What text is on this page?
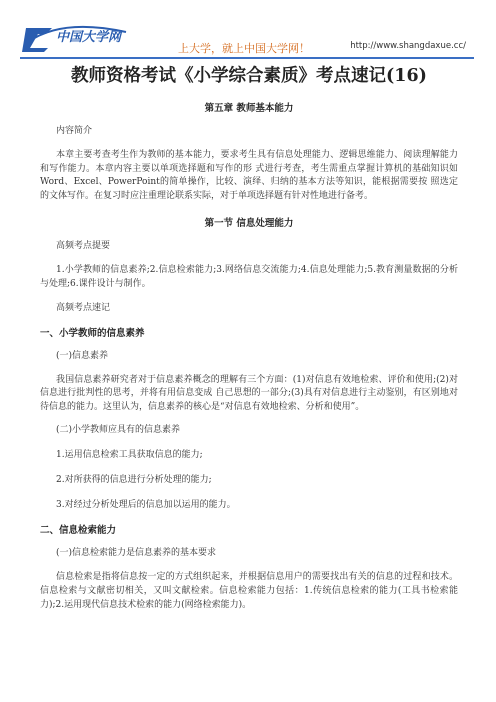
中国大学网
上大学，就上中国大学网！	http://www.shangdaxue.cc/
教师资格考试《小学综合素质》考点速记(16)
第五章 教师基本能力
内容简介

本章主要考查考生作为教师的基本能力，要求考生具有信息处理能力、逻辑思维能力、阅读理解能力和写作能力。本章内容主要以单项选择题和写作的形 式进行考查，考生需重点掌握计算机的基础知识如Word、Excel、PowerPoint的简单操作，比较、演绎、归纳的基本方法等知识，能根据需要按 照选定的文体写作。在复习时应注重理论联系实际，对于单项选择题有针对性地进行备考。

第一节 信息处理能力
高频考点提要

1.小学教师的信息素养;2.信息检索能力;3.网络信息交流能力;4.信息处理能力;5.教育测量数据的分析与处理;6.课件设计与制作。

高频考点速记
一、小学教师的信息素养
(一)信息素养

我国信息素养研究者对于信息素养概念的理解有三个方面：(1)对信息有效地检索、评价和使用;(2)对信息进行批判性的思考，并将有用信息变成 自己思想的一部分;(3)具有对信息进行主动鉴别，有区别地对待信息的能力。这里认为，信息素养的核心是“对信息有效地检索、分析和使用”。

(二)小学教师应具有的信息素养
1.运用信息检索工具获取信息的能力;
2.对所获得的信息进行分析处理的能力;
3.对经过分析处理后的信息加以运用的能力。
二、信息检索能力
(一)信息检索能力是信息素养的基本要求

信息检索是指将信息按一定的方式组织起来，并根据信息用户的需要找出有关的信息的过程和技术。信息检索与文献密切相关，又叫文献检索。信息检索能力包括：1.传统信息检索的能力(工具书检索能力);2.运用现代信息技术检索的能力(网络检索能力)。
